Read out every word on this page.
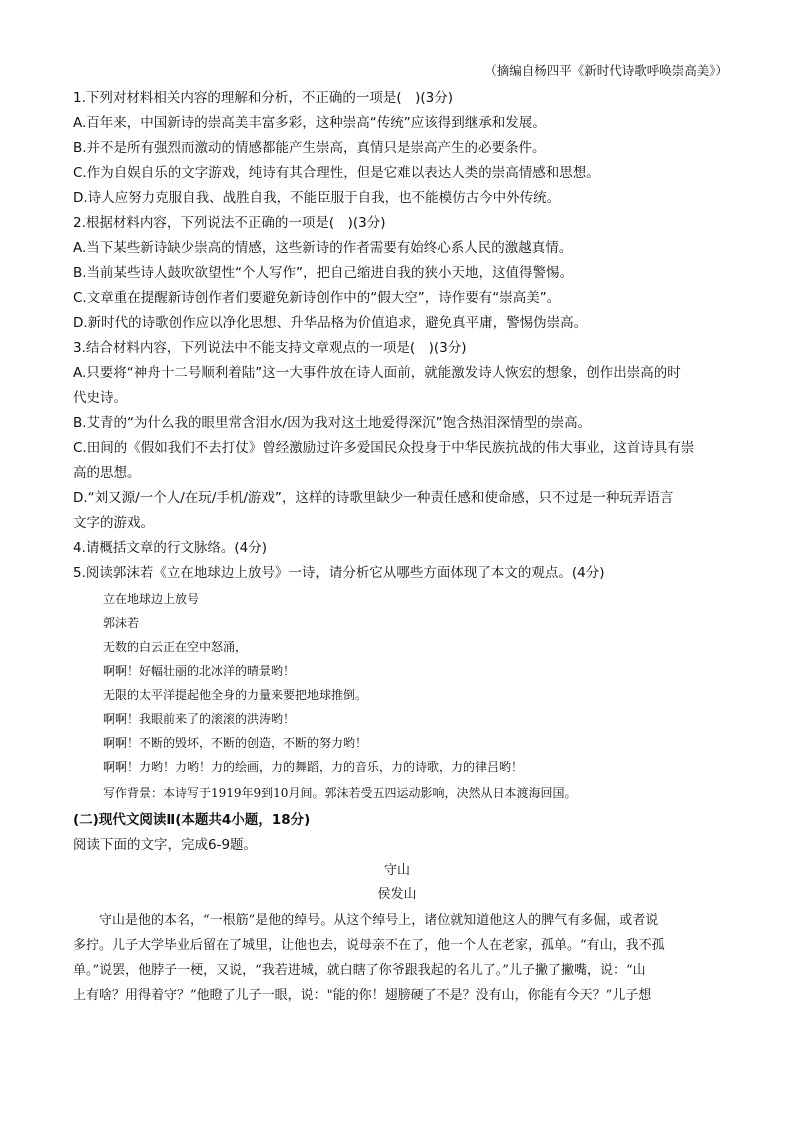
（摘编自杨四平《新时代诗歌呼唤崇高美》）
1.下列对材料相关内容的理解和分析，不正确的一项是(　)(3分)
A.百年来，中国新诗的崇高美丰富多彩，这种崇高“传统”应该得到继承和发展。
B.并不是所有强烈而激动的情感都能产生崇高，真情只是崇高产生的必要条件。
C.作为自娱自乐的文字游戏，纯诗有其合理性，但是它难以表达人类的崇高情感和思想。
D.诗人应努力克服自我、战胜自我，不能臣服于自我，也不能模仿古今中外传统。
2.根据材料内容，下列说法不正确的一项是(　)(3分)
A.当下某些新诗缺少崇高的情感，这些新诗的作者需要有始终心系人民的激越真情。
B.当前某些诗人鼓吹欲望性“个人写作”，把自己缩进自我的狭小天地，这值得警惕。
C.文章重在提醒新诗创作者们要避免新诗创作中的“假大空”，诗作要有“崇高美”。
D.新时代的诗歌创作应以净化思想、升华品格为价值追求，避免真平庸，警惕伪崇高。
3.结合材料内容，下列说法中不能支持文章观点的一项是(　)(3分)
A.只要将“神舟十二号顺利着陆”这一大事件放在诗人面前，就能激发诗人恢宏的想象，创作出崇高的时
代史诗。
B.艾青的“为什么我的眼里常含泪水/因为我对这土地爱得深沉”饱含热泪深情型的崇高。
C.田间的《假如我们不去打仗》曾经激励过许多爱国民众投身于中华民族抗战的伟大事业，这首诗具有崇
高的思想。
D.“刘又源/一个人/在玩/手机/游戏”，这样的诗歌里缺少一种责任感和使命感，只不过是一种玩弄语言
文字的游戏。
4.请概括文章的行文脉络。(4分)
5.阅读郭沫若《立在地球边上放号》一诗，请分析它从哪些方面体现了本文的观点。(4分)
立在地球边上放号
郭沫若
无数的白云正在空中怒涌，
啊啊！好幅壮丽的北冰洋的晴景哟！
无限的太平洋提起他全身的力量来要把地球推倒。
啊啊！我眼前来了的滚滚的洪涛哟！
啊啊！不断的毁坏，不断的创造，不断的努力哟！
啊啊！力哟！力哟！力的绘画，力的舞蹈，力的音乐，力的诗歌，力的律吕哟！
写作背景：本诗写于1919年9到10月间。郭沫若受五四运动影响，决然从日本渡海回国。
(二)现代文阅读Ⅱ(本题共4小题，18分)
阅读下面的文字，完成6-9题。
守山
侯发山
　　守山是他的本名，“一根筋”是他的绰号。从这个绰号上，诸位就知道他这人的脾气有多倔，或者说
多拧。儿子大学毕业后留在了城里，让他也去，说母亲不在了，他一个人在老家，孤单。“有山，我不孤
单。”说罢，他脖子一梗，又说，“我若进城，就白瞎了你爷跟我起的名儿了。”儿子撇了撇嘴，说：“山
上有啥？用得着守？”他瞪了儿子一眼，说："能的你！翅膀硬了不是？没有山，你能有今天？”儿子想
